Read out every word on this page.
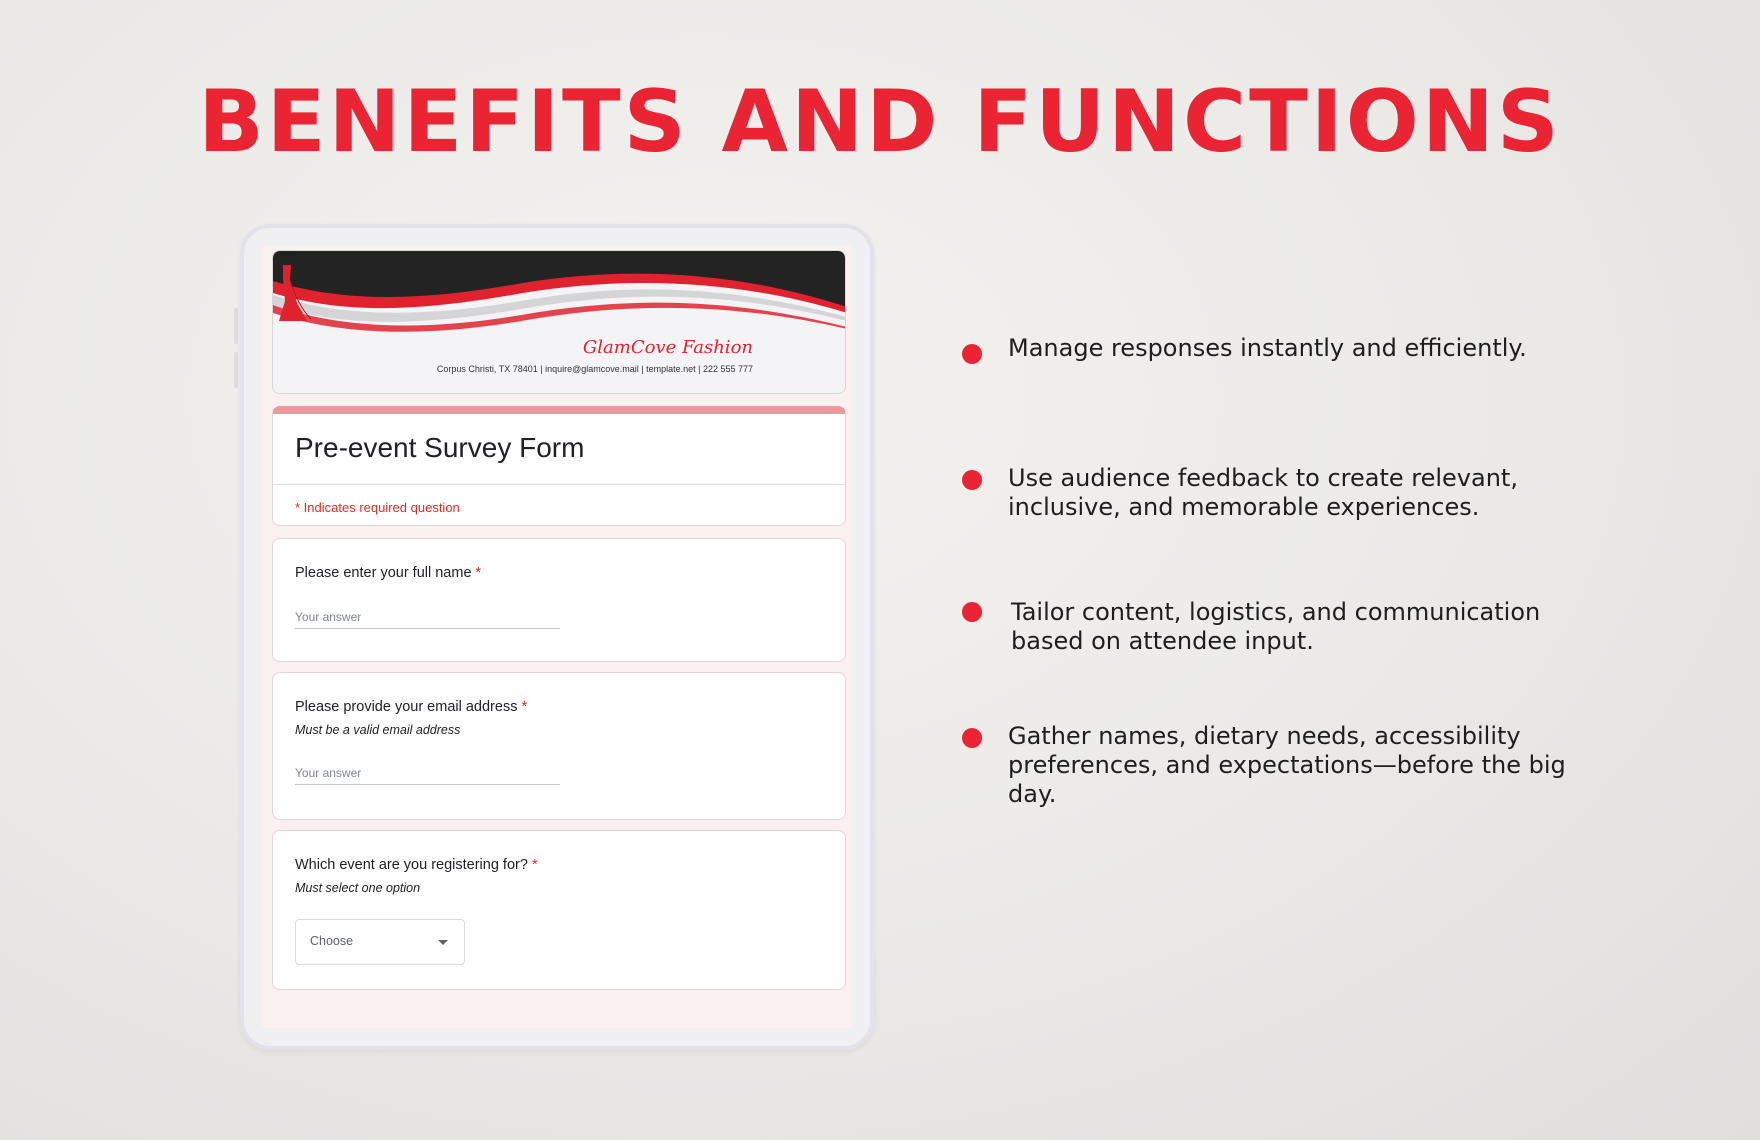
BENEFITS AND FUNCTIONS
GlamCove Fashion
Corpus Christi, TX 78401 | inquire@glamcove.mail | template.net | 222 555 777
Pre-event Survey Form
* Indicates required question
Please enter your full name *
Your answer
Please provide your email address *
Must be a valid email address
Your answer
Which event are you registering for? *
Must select one option
Choose
Manage responses instantly and efficiently.
Use audience feedback to create relevant, inclusive, and memorable experiences.
Tailor content, logistics, and communication based on attendee input.
Gather names, dietary needs, accessibility preferences, and expectations—before the big day.
